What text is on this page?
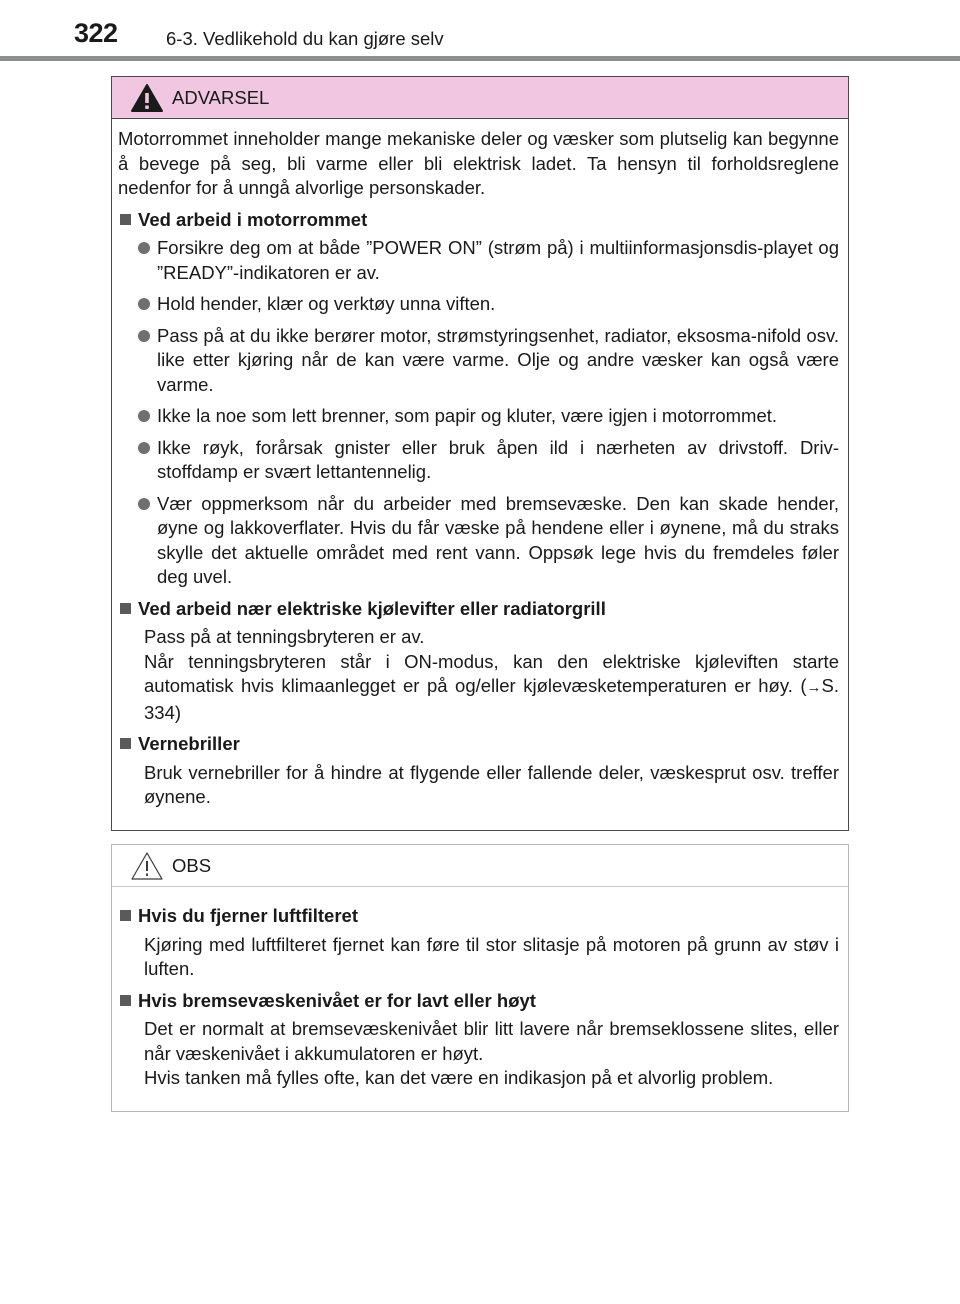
322	6-3. Vedlikehold du kan gjøre selv
ADVARSEL

Motorrommet inneholder mange mekaniske deler og væsker som plutselig kan begynne å bevege på seg, bli varme eller bli elektrisk ladet. Ta hensyn til forholdsreglene nedenfor for å unngå alvorlige personskader.

Ved arbeid i motorrommet
Forsikre deg om at både ”POWER ON” (strøm på) i multiinformasjonsdis-playet og ”READY”-indikatoren er av.
Hold hender, klær og verktøy unna viften.
Pass på at du ikke berører motor, strømstyringsenhet, radiator, eksosma-nifold osv. like etter kjøring når de kan være varme. Olje og andre væsker kan også være varme.
Ikke la noe som lett brenner, som papir og kluter, være igjen i motorrommet.
Ikke røyk, forårsak gnister eller bruk åpen ild i nærheten av drivstoff. Driv-stoffdamp er svært lettantennelig.
Vær oppmerksom når du arbeider med bremsevæske. Den kan skade hender, øyne og lakkoverflater. Hvis du får væske på hendene eller i øynene, må du straks skylle det aktuelle området med rent vann. Oppsøk lege hvis du fremdeles føler deg uvel.
Ved arbeid nær elektriske kjølevifter eller radiatorgrill
Pass på at tenningsbryteren er av.
Når tenningsbryteren står i ON-modus, kan den elektriske kjøleviften starte automatisk hvis klimaanlegget er på og/eller kjølevæsketemperaturen er høy. (→S. 334)
Vernebriller
Bruk vernebriller for å hindre at flygende eller fallende deler, væskesprut osv. treffer øynene.
OBS
Hvis du fjerner luftfilteret
Kjøring med luftfilteret fjernet kan føre til stor slitasje på motoren på grunn av støv i luften.
Hvis bremsevæskenivået er for lavt eller høyt
Det er normalt at bremsevæskenivået blir litt lavere når bremseklossene slites, eller når væskenivået i akkumulatoren er høyt.
Hvis tanken må fylles ofte, kan det være en indikasjon på et alvorlig problem.
